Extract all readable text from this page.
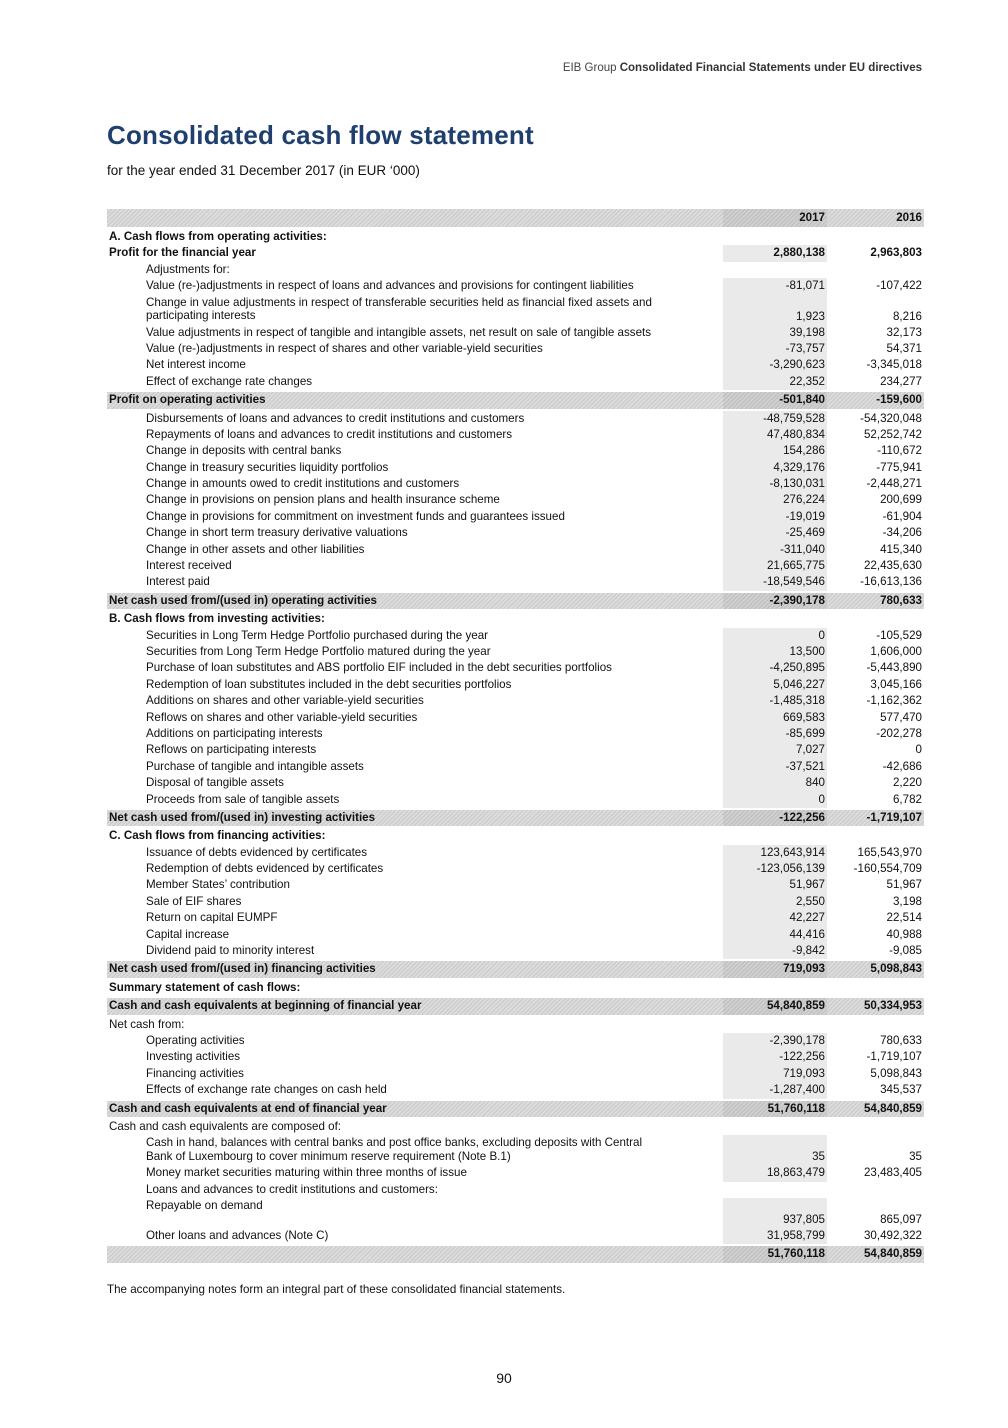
EIB Group Consolidated Financial Statements under EU directives
Consolidated cash flow statement
for the year ended 31 December 2017 (in EUR ‘000)
2017	2016
A. Cash flows from operating activities:
Profit for the financial year	2,880,138	2,963,803
Adjustments for:
Value (re-)adjustments in respect of loans and advances and provisions for contingent liabilities	-81,071	-107,422
Change in value adjustments in respect of transferable securities held as financial fixed assets and
participating interests	1,923	8,216
Value adjustments in respect of tangible and intangible assets, net result on sale of tangible assets	39,198	32,173
Value (re-)adjustments in respect of shares and other variable-yield securities	-73,757	54,371
Net interest income	-3,290,623	-3,345,018
Effect of exchange rate changes	22,352	234,277
Profit on operating activities	-501,840	-159,600
Disbursements of loans and advances to credit institutions and customers	-48,759,528	-54,320,048
Repayments of loans and advances to credit institutions and customers	47,480,834	52,252,742
Change in deposits with central banks	154,286	-110,672
Change in treasury securities liquidity portfolios	4,329,176	-775,941
Change in amounts owed to credit institutions and customers	-8,130,031	-2,448,271
Change in provisions on pension plans and health insurance scheme	276,224	200,699
Change in provisions for commitment on investment funds and guarantees issued	-19,019	-61,904
Change in short term treasury derivative valuations	-25,469	-34,206
Change in other assets and other liabilities	-311,040	415,340
Interest received	21,665,775	22,435,630
Interest paid	-18,549,546	-16,613,136
Net cash used from/(used in) operating activities	-2,390,178	780,633
B. Cash flows from investing activities:
Securities in Long Term Hedge Portfolio purchased during the year	0	-105,529
Securities from Long Term Hedge Portfolio matured during the year	13,500	1,606,000
Purchase of loan substitutes and ABS portfolio EIF included in the debt securities portfolios	-4,250,895	-5,443,890
Redemption of loan substitutes included in the debt securities portfolios	5,046,227	3,045,166
Additions on shares and other variable-yield securities	-1,485,318	-1,162,362
Reflows on shares and other variable-yield securities	669,583	577,470
Additions on participating interests	-85,699	-202,278
Reflows on participating interests	7,027	0
Purchase of tangible and intangible assets	-37,521	-42,686
Disposal of tangible assets	840	2,220
Proceeds from sale of tangible assets	0	6,782
Net cash used from/(used in) investing activities	-122,256	-1,719,107
C. Cash flows from financing activities:
Issuance of debts evidenced by certificates	123,643,914	165,543,970
Redemption of debts evidenced by certificates	-123,056,139	-160,554,709
Member States’ contribution	51,967	51,967
Sale of EIF shares	2,550	3,198
Return on capital EUMPF	42,227	22,514
Capital increase	44,416	40,988
Dividend paid to minority interest	-9,842	-9,085
Net cash used from/(used in) financing activities	719,093	5,098,843
Summary statement of cash flows:
Cash and cash equivalents at beginning of financial year	54,840,859	50,334,953
Net cash from:
Operating activities	-2,390,178	780,633
Investing activities	-122,256	-1,719,107
Financing activities	719,093	5,098,843
Effects of exchange rate changes on cash held	-1,287,400	345,537
Cash and cash equivalents at end of financial year	51,760,118	54,840,859
Cash and cash equivalents are composed of:
Cash in hand, balances with central banks and post office banks, excluding deposits with Central
Bank of Luxembourg to cover minimum reserve requirement (Note B.1)	35	35
Money market securities maturing within three months of issue	18,863,479	23,483,405
Loans and advances to credit institutions and customers:
Repayable on demand
937,805	865,097
Other loans and advances (Note C)	31,958,799	30,492,322
51,760,118	54,840,859
The accompanying notes form an integral part of these consolidated financial statements.
90
